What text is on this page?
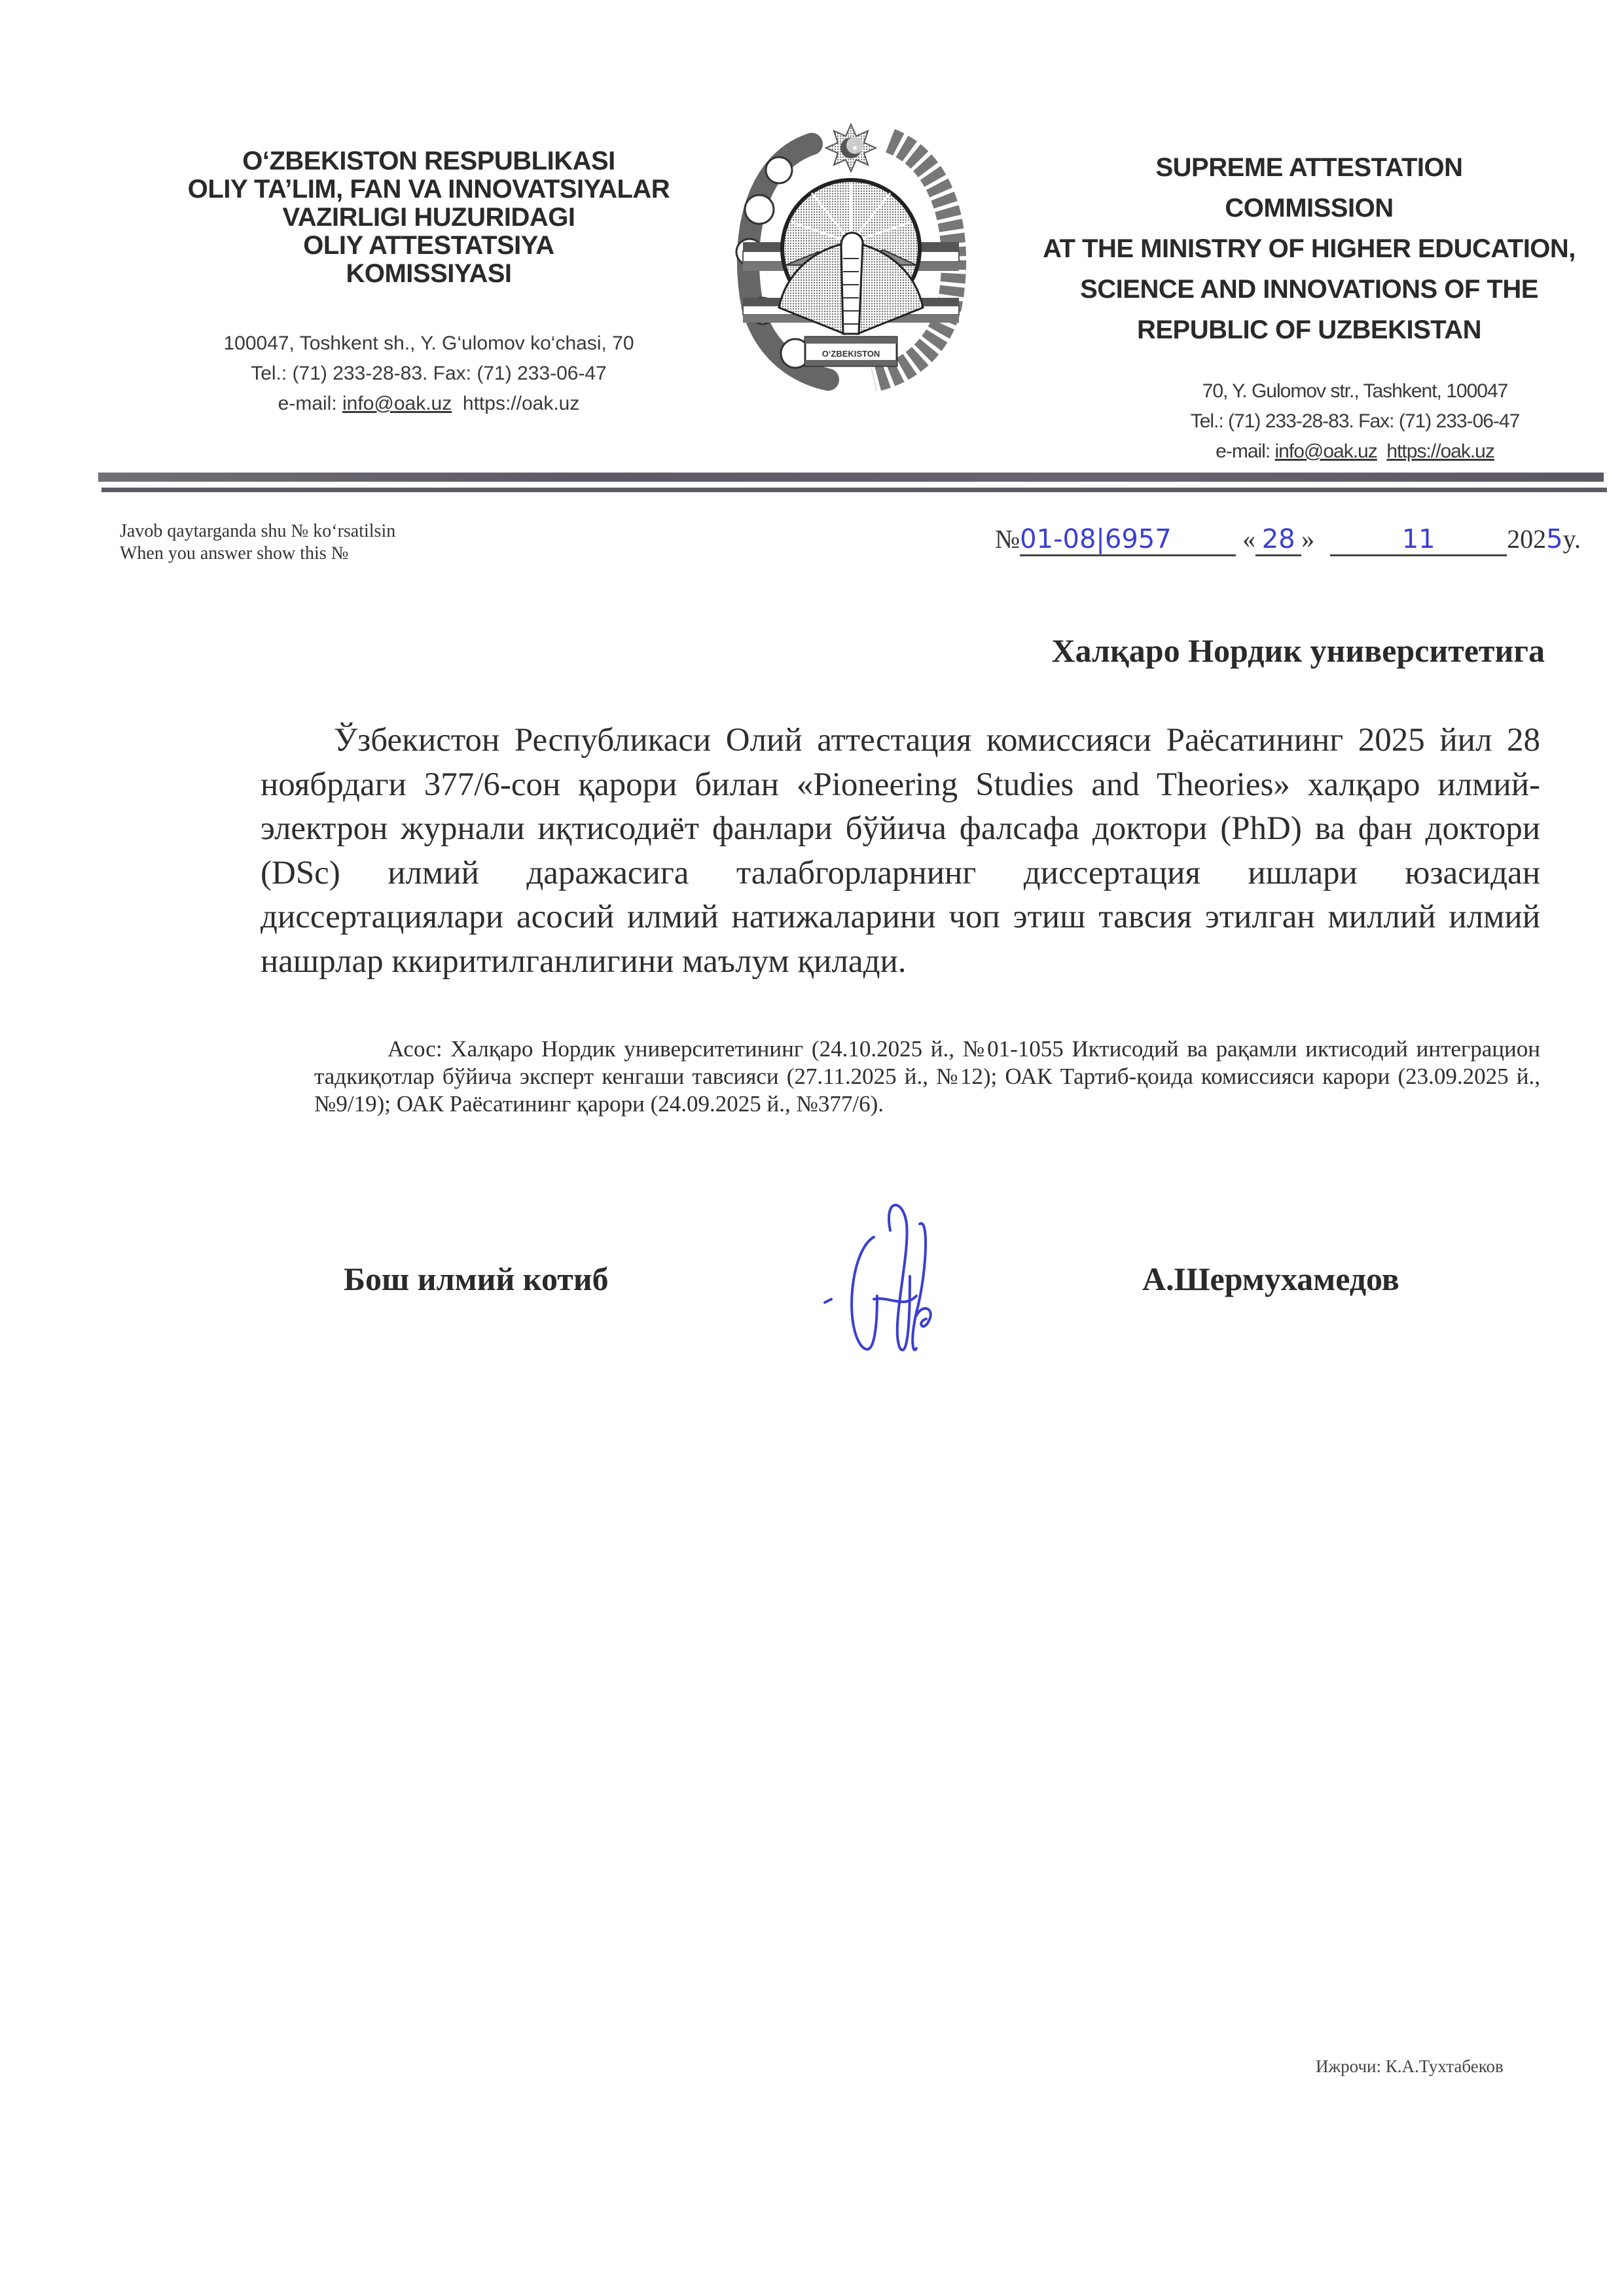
O‘ZBEKISTON RESPUBLIKASI
OLIY TA’LIM, FAN VA INNOVATSIYALAR
VAZIRLIGI HUZURIDAGI
OLIY ATTESTATSIYA
KOMISSIYASI
100047, Toshkent sh., Y. G‘ulomov ko‘chasi, 70
Tel.: (71) 233-28-83. Fax: (71) 233-06-47
e-mail: info@oak.uz https://oak.uz
O‘ZBEKISTON
SUPREME ATTESTATION
COMMISSION
AT THE MINISTRY OF HIGHER EDUCATION,
SCIENCE AND INNOVATIONS OF THE
REPUBLIC OF UZBEKISTAN
70, Y. Gulomov str., Tashkent, 100047
Tel.: (71) 233-28-83. Fax: (71) 233-06-47
e-mail: info@oak.uz https://oak.uz
Javob qaytarganda shu № ko‘rsatilsin
When you answer show this №	№01-08|6957	« 28 »	11	2025y.
Халқаро Нордик университетига
Ўзбекистон Республикаси Олий аттестация комиссияси Раёсатининг 2025 йил 28 ноябрдаги 377/6-сон қарори билан «Pioneering Studies and Theories» халқаро илмий-электрон журнали иқтисодиёт фанлари бўйича фалсафа доктори (PhD) ва фан доктори (DSc) илмий даражасига талабгорларнинг диссертация ишлари юзасидан диссертациялари асосий илмий натижаларини чоп этиш тавсия этилган миллий илмий нашрлар ккиритилганлигини маълум қилади.
Асос: Халқаро Нордик университетининг (24.10.2025 й., №01-1055 Иктисодий ва рақамли иктисодий интеграцион тадкиқотлар бўйича эксперт кенгаши тавсияси (27.11.2025 й., №12); ОАК Тартиб-қоида комиссияси карори (23.09.2025 й., №9/19); ОАК Раёсатининг қарори (24.09.2025 й., №377/6).
Бош илмий котиб	А.Шермухамедов
Ижрочи: К.А.Тухтабеков
